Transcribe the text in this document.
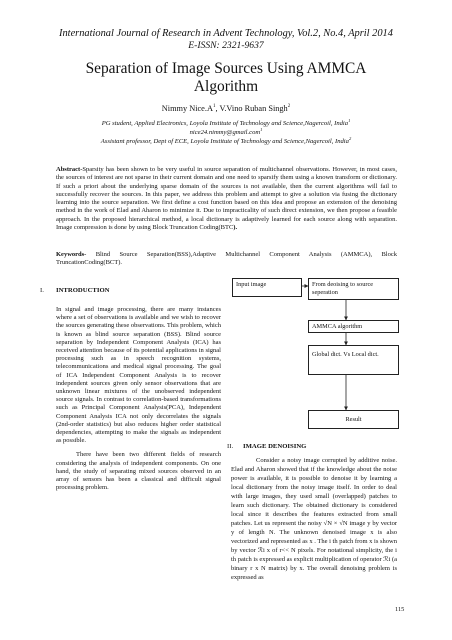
International Journal of Research in Advent Technology, Vol.2, No.4, April 2014
E-ISSN: 2321-9637
Separation of Image Sources Using AMMCA
Algorithm
Nimmy $Nice.A^1$, V.Vino Ruban Singh$^2$
PG student, Applied Electronics, Loyola Institute of Technology and Science,Nagercoil, India$^1$
nice24.nimmy@gmail.com$^1$
Assistant professor, Dept of ECE, Loyola Institute of Technology and Science,Nagercoil, India$^2$
Abstract-Sparsity has been shown to be very useful in source separation of multichannel observations. However, in most cases, the sources of interest are not sparse in their current domain and one need to sparsify them using a known transform or dictionary. If such a priori about the underlying sparse domain of the sources is not available, then the current algorithms will fail to successfully recover the sources. In this paper, we address this problem and attempt to give a solution via fusing the dictionary learning into the source separation. We first define a cost function based on this idea and propose an extension of the denoising method in the work of Elad and Aharon to minimize it. Due to impracticality of such direct extension, we then propose a feasible approach. In the proposed hierarchical method, a local dictionary is adaptively learned for each source along with separation. Image compression is done by using Block Truncation Coding(BTC).
Keywords- Blind Source Separation(BSS),Adaptive Multichannel Component Analysis (AMMCA), Block TruncationCoding(BCT).
I. INTRODUCTION

In signal and image processing, there are many instances where a set of observations is available and we wish to recover the sources generating these observations. This problem, which is known as blind source separation (BSS). Blind source separation by Independent Component Analysis (ICA) has received attention because of its potential applications in signal processing such as in speech recognition systems, telecommunications and medical signal processing. The goal of ICA Independent Component Analysis is to recover independent sources given only sensor observations that are unknown linear mixtures of the unobserved independent source signals. In contrast to correlation-based transformations such as Principal Component Analysis(PCA), Independent Component Analysis ICA not only decorrelates the signals (2nd-order statistics) but also reduces higher order statistical dependencies, attempting to make the signals as independent as possible.

There have been two different fields of research considering the analysis of independent components. On one hand, the study of separating mixed sources observed in an array of sensors has been a classical and difficult signal processing problem.

Input image	From deoising to source seperation
AMMCA algorithm
Global dict. Vs Local dict.
Result
II. IMAGE DENOISING

Consider a noisy image corrupted by additive noise. Elad and Aharon showed that if the knowledge about the noise power is available, it is possible to denoise it by learning a local dictionary from the noisy image itself. In order to deal with large images, they used small (overlapped) patches to learn such dictionary. The obtained dictionary is considered local since it describes the features extracted from small patches. Let us represent the noisy √N × √N image y by vector y of length N. The unknown denoised image x is also vectorized and represented as x . The i th patch from x is shown by vector ℛi x of r<< N pixels. For notational simplicity, the i th patch is expressed as explicit multiplication of operator ℛi (a binary r x N matrix) by x. The overall denoising problem is expressed as

115
